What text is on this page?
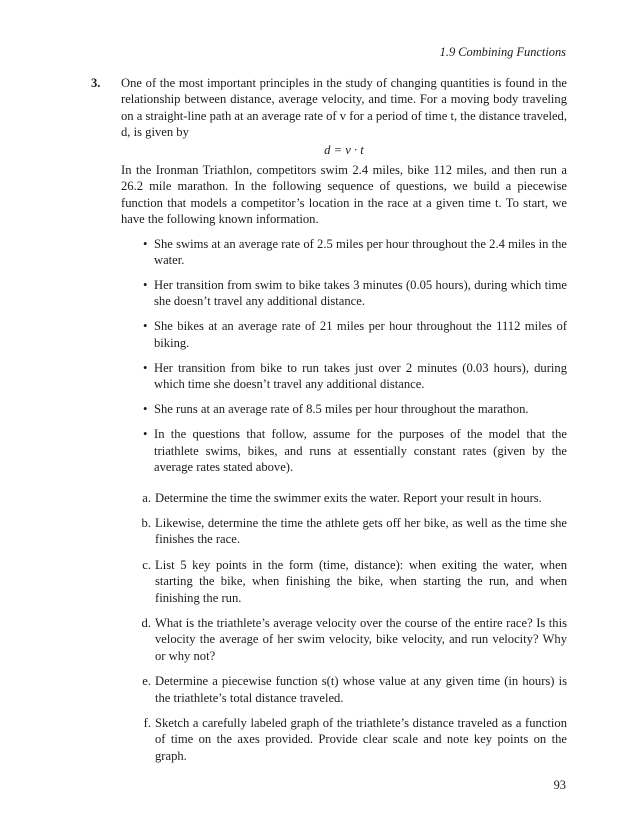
1.9 Combining Functions
3. One of the most important principles in the study of changing quantities is found in the relationship between distance, average velocity, and time. For a moving body traveling on a straight-line path at an average rate of v for a period of time t, the distance traveled, d, is given by

d = v · t

In the Ironman Triathlon, competitors swim 2.4 miles, bike 112 miles, and then run a 26.2 mile marathon. In the following sequence of questions, we build a piecewise function that models a competitor’s location in the race at a given time t. To start, we have the following known information.

• She swims at an average rate of 2.5 miles per hour throughout the 2.4 miles in the water.
• Her transition from swim to bike takes 3 minutes (0.05 hours), during which time she doesn’t travel any additional distance.
• She bikes at an average rate of 21 miles per hour throughout the 1112 miles of biking.
• Her transition from bike to run takes just over 2 minutes (0.03 hours), during which time she doesn’t travel any additional distance.
• She runs at an average rate of 8.5 miles per hour throughout the marathon.
• In the questions that follow, assume for the purposes of the model that the triathlete swims, bikes, and runs at essentially constant rates (given by the average rates stated above).
a. Determine the time the swimmer exits the water. Report your result in hours.
b. Likewise, determine the time the athlete gets off her bike, as well as the time she finishes the race.
c. List 5 key points in the form (time, distance): when exiting the water, when starting the bike, when finishing the bike, when starting the run, and when finishing the run.
d. What is the triathlete’s average velocity over the course of the entire race? Is this velocity the average of her swim velocity, bike velocity, and run velocity? Why or why not?
e. Determine a piecewise function s(t) whose value at any given time (in hours) is the triathlete’s total distance traveled.
f. Sketch a carefully labeled graph of the triathlete’s distance traveled as a function of time on the axes provided. Provide clear scale and note key points on the graph.
93
